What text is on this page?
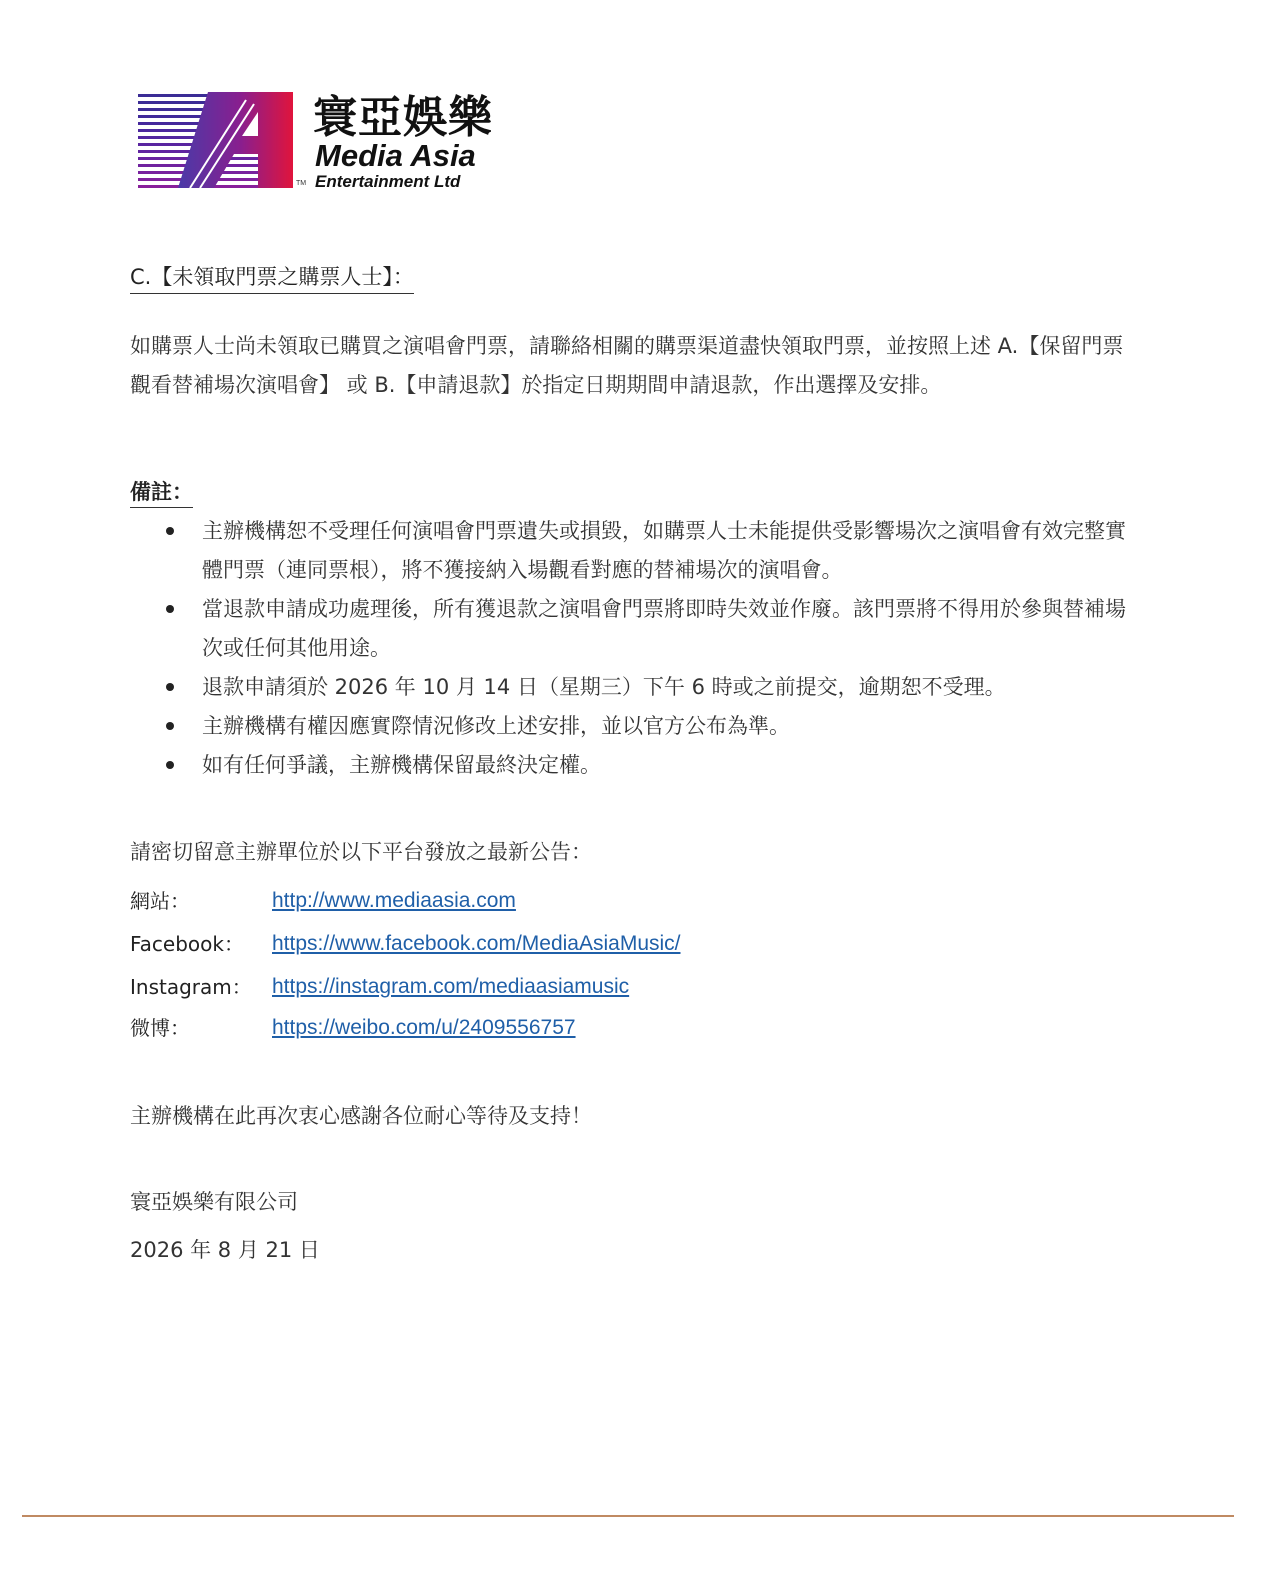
TM
寰亞娛樂
Media Asia
Entertainment Ltd
C.【未領取門票之購票人士】：
如購票人士尚未領取已購買之演唱會門票，請聯絡相關的購票渠道盡快領取門票，並按照上述 A.【保留門票觀看替補場次演唱會】 或 B.【申請退款】於指定日期期間申請退款，作出選擇及安排。
備註：
主辦機構恕不受理任何演唱會門票遺失或損毀，如購票人士未能提供受影響場次之演唱會有效完整實體門票（連同票根），將不獲接納入場觀看對應的替補場次的演唱會。
當退款申請成功處理後，所有獲退款之演唱會門票將即時失效並作廢。該門票將不得用於參與替補場次或任何其他用途。
退款申請須於 2026 年 10 月 14 日（星期三）下午 6 時或之前提交，逾期恕不受理。
主辦機構有權因應實際情況修改上述安排，並以官方公布為準。
如有任何爭議，主辦機構保留最終決定權。
請密切留意主辦單位於以下平台發放之最新公告：
網站：	http://www.mediaasia.com
Facebook： https://www.facebook.com/MediaAsiaMusic/
Instagram： https://instagram.com/mediaasiamusic
微博：	https://weibo.com/u/2409556757
主辦機構在此再次衷心感謝各位耐心等待及支持！
寰亞娛樂有限公司
2026 年 8 月 21 日
